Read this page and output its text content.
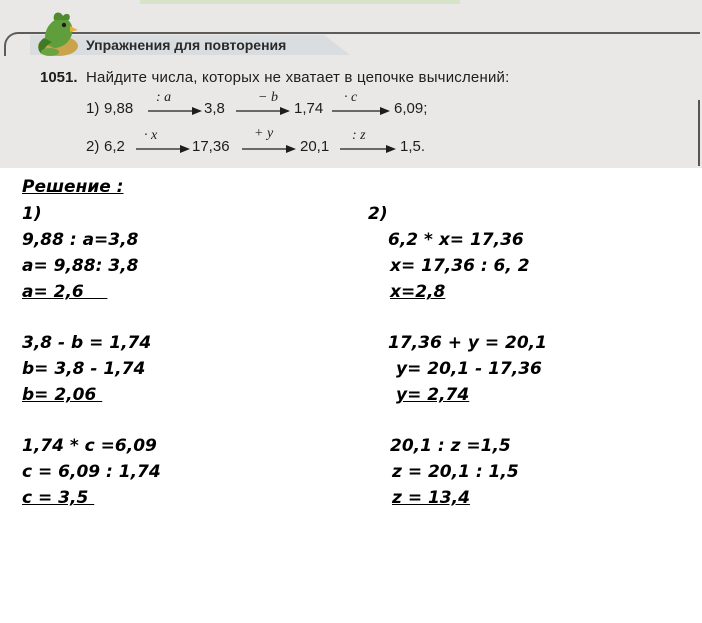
Упражнения для повторения
1051. Найдите числа, которых не хватает в цепочке вычислений:
1) 9,88
: a
3,8
− b
1,74
· c
6,09;
2) 6,2
· x
17,36
+ y
20,1
: z
1,5.
Решение :
1)
9,88 : a=3,8
a= 9,88: 3,8
a= 2,6
3,8 - b = 1,74
b= 3,8 - 1,74
b= 2,06
1,74 * c =6,09
c = 6,09 : 1,74
c = 3,5
2)
6,2 * x= 17,36
x= 17,36 : 6, 2
x=2,8
17,36 + y = 20,1
y= 20,1 - 17,36
y= 2,74
20,1 : z =1,5
z = 20,1 : 1,5
z = 13,4
